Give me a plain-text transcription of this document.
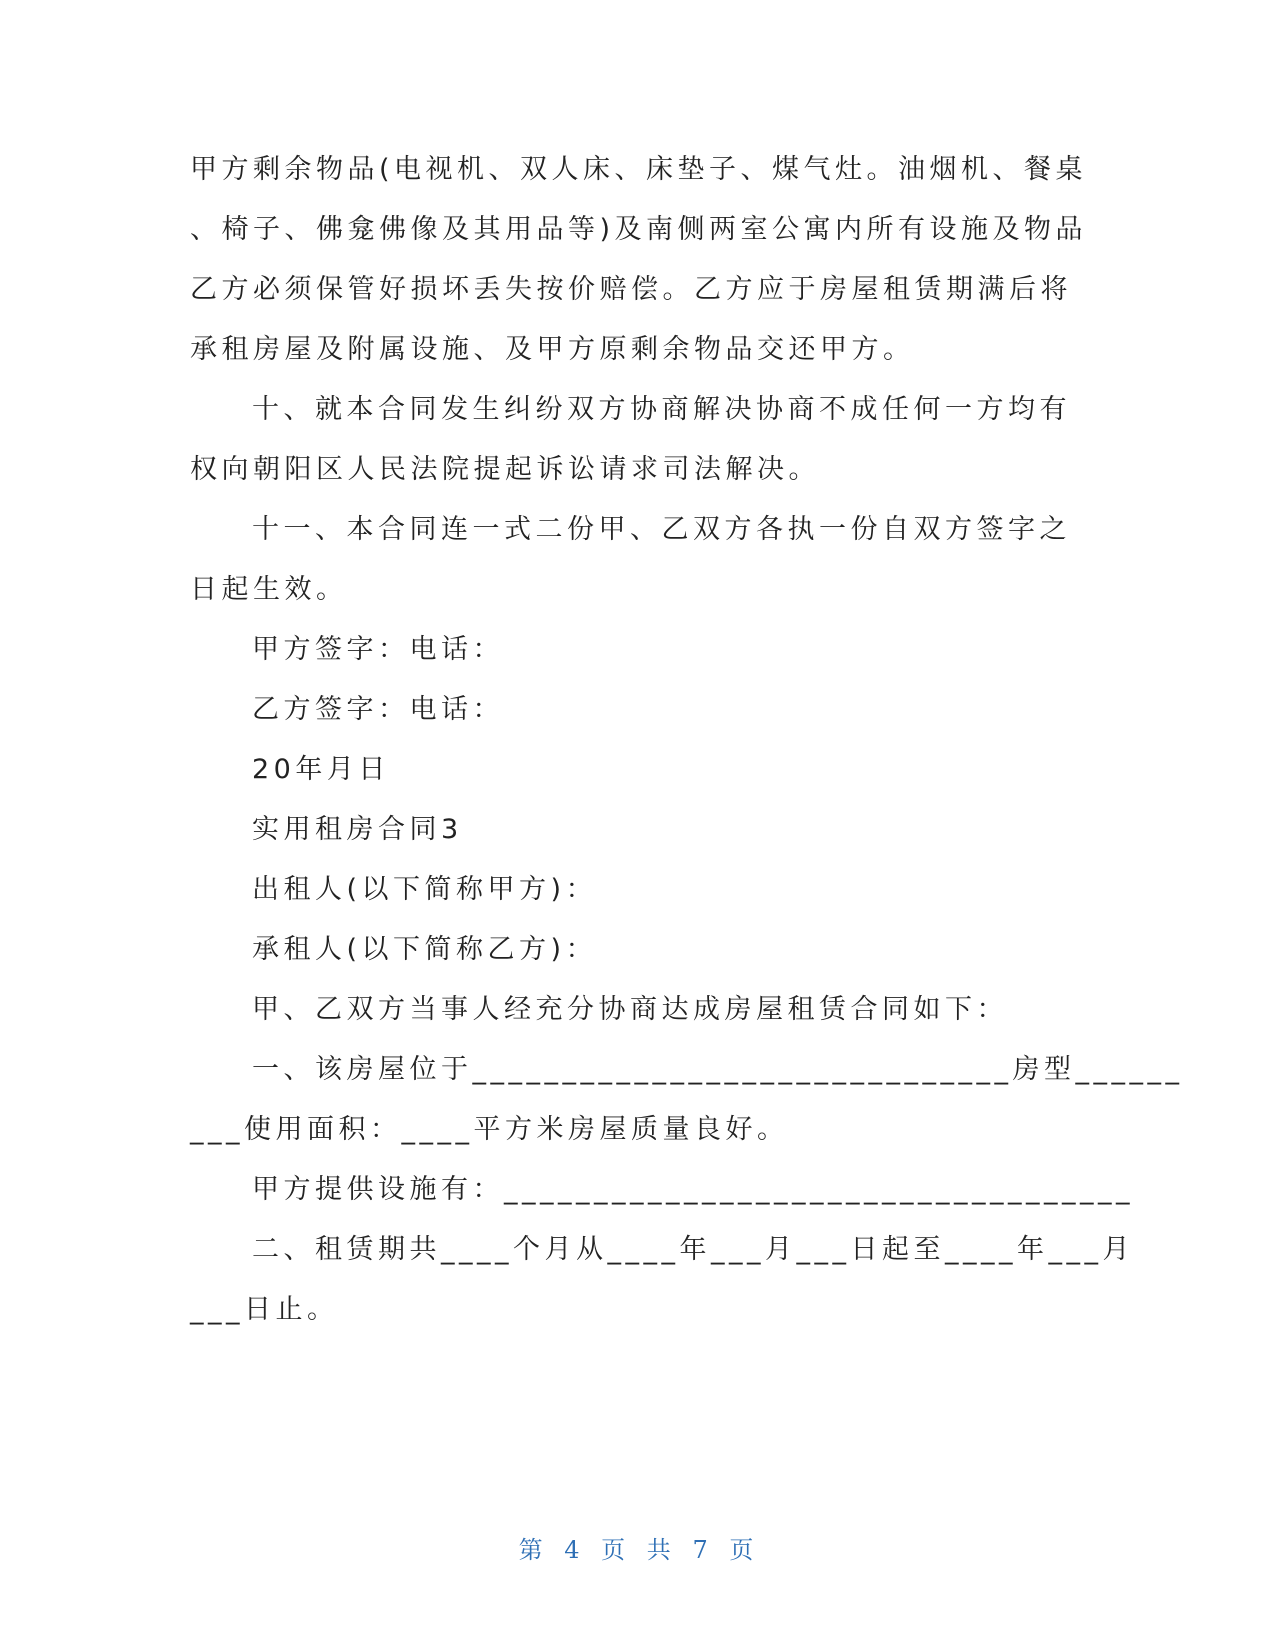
甲方剩余物品(电视机、双人床、床垫子、煤气灶。油烟机、餐桌
、椅子、佛龛佛像及其用品等)及南侧两室公寓内所有设施及物品
乙方必须保管好损坏丢失按价赔偿。乙方应于房屋租赁期满后将
承租房屋及附属设施、及甲方原剩余物品交还甲方。
十、就本合同发生纠纷双方协商解决协商不成任何一方均有
权向朝阳区人民法院提起诉讼请求司法解决。
十一、本合同连一式二份甲、乙双方各执一份自双方签字之
日起生效。
甲方签字：电话：
乙方签字：电话：
20年月日
实用租房合同3
出租人(以下简称甲方)：
承租人(以下简称乙方)：
甲、乙双方当事人经充分协商达成房屋租赁合同如下：
一、该房屋位于______________________________房型______
___使用面积：____平方米房屋质量良好。
甲方提供设施有：___________________________________
二、租赁期共____个月从____年___月___日起至____年___月
___日止。
第 4 页 共 7 页
